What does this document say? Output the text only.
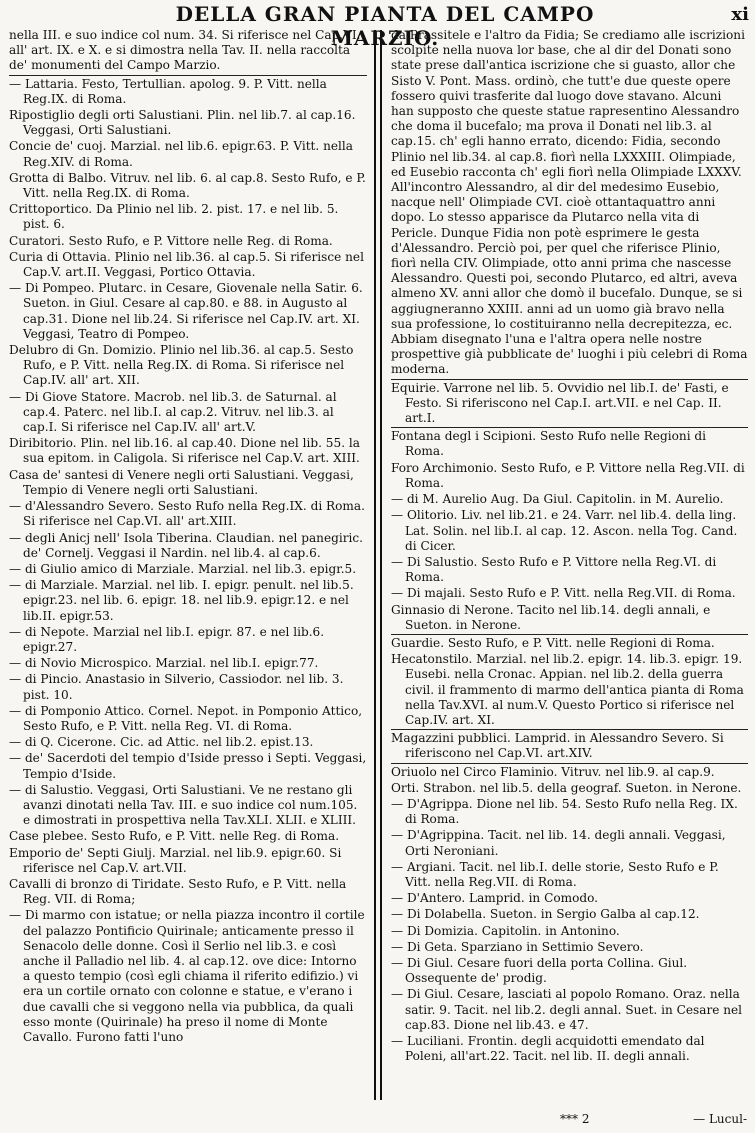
DELLA GRAN PIANTA DEL CAMPO MARZIO.
xi
nella III. e suo indice col num. 34. Si riferisce nel Cap.VI. all' art. IX. e X. e si dimostra nella Tav. II. nella raccolta de' monumenti del Campo Marzio.
— Lattaria. Festo, Tertullian. apolog. 9. P. Vitt. nella Reg.IX. di Roma.
Ripostiglio degli orti Salustiani. Plin. nel lib.7. al cap.16. Veggasi, Orti Salustiani.
Concie de' cuoj. Marzial. nel lib.6. epigr.63. P. Vitt. nella Reg.XIV. di Roma.
Grotta di Balbo. Vitruv. nel lib. 6. al cap.8. Sesto Rufo, e P. Vitt. nella Reg.IX. di Roma.
Crittoportico. Da Plinio nel lib. 2. pist. 17. e nel lib. 5. pist. 6.
Curatori. Sesto Rufo, e P. Vittore nelle Reg. di Roma.
Curia di Ottavia. Plinio nel lib.36. al cap.5. Si riferisce nel Cap.V. art.II. Veggasi, Portico Ottavia.
— Di Pompeo. Plutarc. in Cesare, Giovenale nella Satir. 6. Sueton. in Giul. Cesare al cap.80. e 88. in Augusto al cap.31. Dione nel lib.24. Si riferisce nel Cap.IV. art. XI. Veggasi, Teatro di Pompeo.
Delubro di Gn. Domizio. Plinio nel lib.36. al cap.5. Sesto Rufo, e P. Vitt. nella Reg.IX. di Roma. Si riferisce nel Cap.IV. all' art. XII.
— Di Giove Statore. Macrob. nel lib.3. de Saturnal. al cap.4. Paterc. nel lib.I. al cap.2. Vitruv. nel lib.3. al cap.I. Si riferisce nel Cap.IV. all' art.V.
Diribitorio. Plin. nel lib.16. al cap.40. Dione nel lib. 55. la sua epitom. in Caligola. Si riferisce nel Cap.V. art. XIII.
Casa de' santesi di Venere negli orti Salustiani. Veggasi, Tempio di Venere negli orti Salustiani.
— d'Alessandro Severo. Sesto Rufo nella Reg.IX. di Roma. Si riferisce nel Cap.VI. all' art.XIII.
— degli Anicj nell' Isola Tiberina. Claudian. nel panegiric. de' Cornelj. Veggasi il Nardin. nel lib.4. al cap.6.
— di Giulio amico di Marziale. Marzial. nel lib.3. epigr.5.
— di Marziale. Marzial. nel lib. I. epigr. penult. nel lib.5. epigr.23. nel lib. 6. epigr. 18. nel lib.9. epigr.12. e nel lib.II. epigr.53.
— di Nepote. Marzial nel lib.I. epigr. 87. e nel lib.6. epigr.27.
— di Novio Microspico. Marzial. nel lib.I. epigr.77.
— di Pincio. Anastasio in Silverio, Cassiodor. nel lib. 3. pist. 10.
— di Pomponio Attico. Cornel. Nepot. in Pomponio Attico, Sesto Rufo, e P. Vitt. nella Reg. VI. di Roma.
— di Q. Cicerone. Cic. ad Attic. nel lib.2. epist.13.
— de' Sacerdoti del tempio d'Iside presso i Septi. Veggasi, Tempio d'Iside.
— di Salustio. Veggasi, Orti Salustiani. Ve ne restano gli avanzi dinotati nella Tav. III. e suo indice col num.105. e dimostrati in prospettiva nella Tav.XLI. XLII. e XLIII.
Case plebee. Sesto Rufo, e P. Vitt. nelle Reg. di Roma.
Emporio de' Septi Giulj. Marzial. nel lib.9. epigr.60. Si riferisce nel Cap.V. art.VII.
Cavalli di bronzo di Tiridate. Sesto Rufo, e P. Vitt. nella Reg. VII. di Roma;
— Di marmo con istatue; or nella piazza incontro il cortile del palazzo Pontificio Quirinale; anticamente presso il Senacolo delle donne. Così il Serlio nel lib.3. e così anche il Palladio nel lib. 4. al cap.12. ove dice: Intorno a questo tempio (così egli chiama il riferito edifizio.) vi era un cortile ornato con colonne e statue, e v'erano i due cavalli che si veggono nella via pubblica, da quali esso monte (Quirinale) ha preso il nome di Monte Cavallo. Furono fatti l'uno
da Prassitele e l'altro da Fidia; Se crediamo alle iscrizioni scolpite nella nuova lor base, che al dir del Donati sono state prese dall'antica iscrizione che si guasto, allor che Sisto V. Pont. Mass. ordinò, che tutt'e due queste opere fossero quivi trasferite dal luogo dove stavano. Alcuni han supposto che queste statue rapresentino Alessandro che doma il bucefalo; ma prova il Donati nel lib.3. al cap.15. ch' egli hanno errato, dicendo: Fidia, secondo Plinio nel lib.34. al cap.8. fiorì nella LXXXIII. Olimpiade, ed Eusebio racconta ch' egli fiorì nella Olimpiade LXXXV. All'incontro Alessandro, al dir del medesimo Eusebio, nacque nell' Olimpiade CVI. cioè ottantaquattro anni dopo. Lo stesso apparisce da Plutarco nella vita di Pericle. Dunque Fidia non potè esprimere le gesta d'Alessandro. Perciò poi, per quel che riferisce Plinio, fiorì nella CIV. Olimpiade, otto anni prima che nascesse Alessandro. Questi poi, secondo Plutarco, ed altri, aveva almeno XV. anni allor che domò il bucefalo. Dunque, se si aggiugneranno XXIII. anni ad un uomo già bravo nella sua professione, lo costituiranno nella decrepitezza, ec. Abbiam disegnato l'una e l'altra opera nelle nostre prospettive già pubblicate de' luoghi i più celebri di Roma moderna.
Equirie. Varrone nel lib. 5. Ovvidio nel lib.I. de' Fasti, e Festo. Si riferiscono nel Cap.I. art.VII. e nel Cap. II. art.I.
Fontana degl i Scipioni. Sesto Rufo nelle Regioni di Roma.
Foro Archimonio. Sesto Rufo, e P. Vittore nella Reg.VII. di Roma.
— di M. Aurelio Aug. Da Giul. Capitolin. in M. Aurelio.
— Olitorio. Liv. nel lib.21. e 24. Varr. nel lib.4. della ling. Lat. Solin. nel lib.I. al cap. 12. Ascon. nella Tog. Cand. di Cicer.
— Di Salustio. Sesto Rufo e P. Vittore nella Reg.VI. di Roma.
— Di majali. Sesto Rufo e P. Vitt. nella Reg.VII. di Roma.
Ginnasio di Nerone. Tacito nel lib.14. degli annali, e Sueton. in Nerone.
Guardie. Sesto Rufo, e P. Vitt. nelle Regioni di Roma.
Hecatonstilo. Marzial. nel lib.2. epigr. 14. lib.3. epigr. 19. Eusebi. nella Cronac. Appian. nel lib.2. della guerra civil. il frammento di marmo dell'antica pianta di Roma nella Tav.XVI. al num.V. Questo Portico si riferisce nel Cap.IV. art. XI.
Magazzini pubblici. Lamprid. in Alessandro Severo. Si riferiscono nel Cap.VI. art.XIV.
Oriuolo nel Circo Flaminio. Vitruv. nel lib.9. al cap.9.
Orti. Strabon. nel lib.5. della geograf. Sueton. in Nerone.
— D'Agrippa. Dione nel lib. 54. Sesto Rufo nella Reg. IX. di Roma.
— D'Agrippina. Tacit. nel lib. 14. degli annali. Veggasi, Orti Neroniani.
— Argiani. Tacit. nel lib.I. delle storie, Sesto Rufo e P. Vitt. nella Reg.VII. di Roma.
— D'Antero. Lamprid. in Comodo.
— Di Dolabella. Sueton. in Sergio Galba al cap.12.
— Di Domizia. Capitolin. in Antonino.
— Di Geta. Sparziano in Settimio Severo.
— Di Giul. Cesare fuori della porta Collina. Giul. Ossequente de' prodig.
— Di Giul. Cesare, lasciati al popolo Romano. Oraz. nella satir. 9. Tacit. nel lib.2. degli annal. Suet. in Cesare nel cap.83. Dione nel lib.43. e 47.
— Luciliani. Frontin. degli acquidotti emendato dal Poleni, all'art.22. Tacit. nel lib. II. degli annali.
*** 2	— Lucul-
